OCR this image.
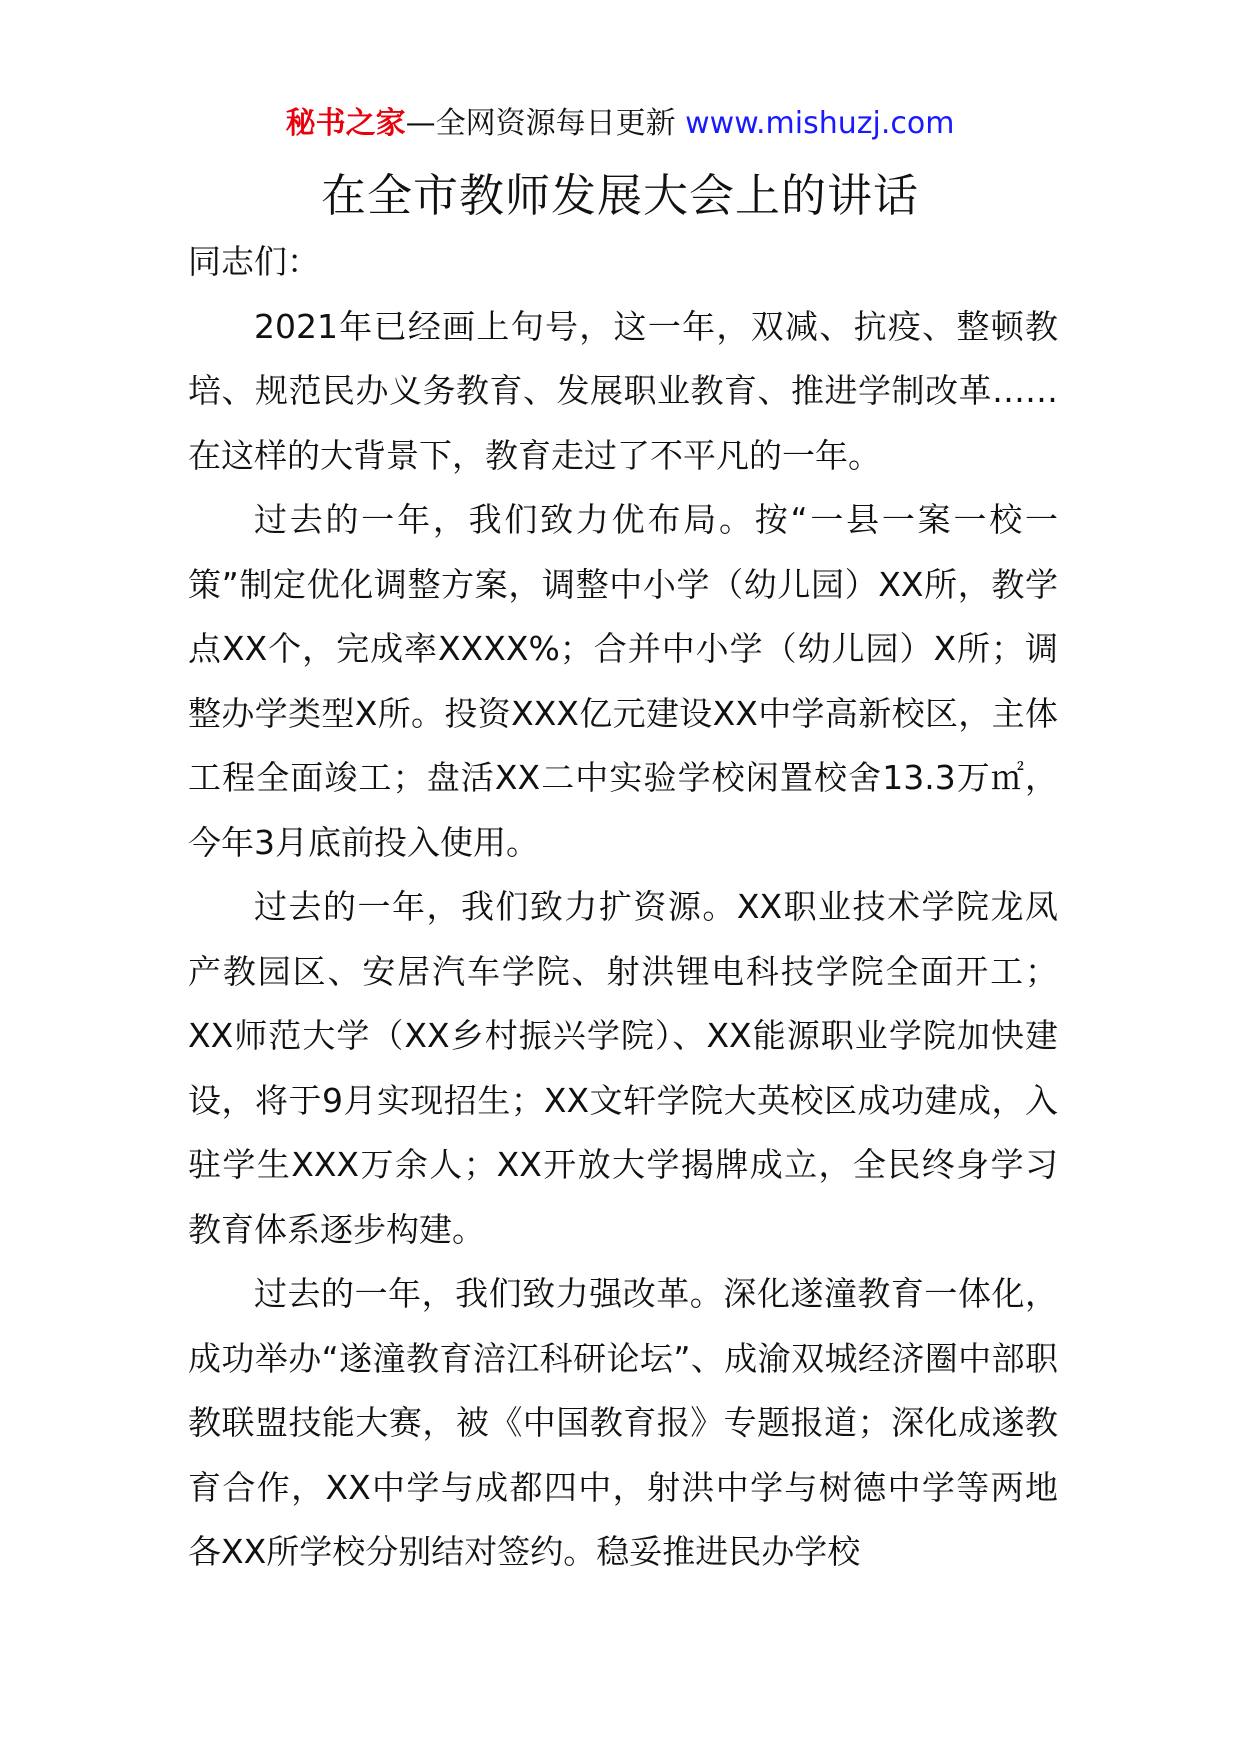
秘书之家—全网资源每日更新 www.mishuzj.com
在全市教师发展大会上的讲话

同志们：

2021年已经画上句号，这一年，双减、抗疫、整顿教培、规范民办义务教育、发展职业教育、推进学制改革……在这样的大背景下，教育走过了不平凡的一年。

过去的一年，我们致力优布局。按“一县一案一校一策”制定优化调整方案，调整中小学（幼儿园）XX所，教学点XX个，完成率XXXX%；合并中小学（幼儿园）X所；调整办学类型X所。投资XXX亿元建设XX中学高新校区，主体工程全面竣工；盘活XX二中实验学校闲置校舍13.3万㎡，今年3月底前投入使用。

过去的一年，我们致力扩资源。XX职业技术学院龙凤产教园区、安居汽车学院、射洪锂电科技学院全面开工；XX师范大学（XX乡村振兴学院）、XX能源职业学院加快建设，将于9月实现招生；XX文轩学院大英校区成功建成，入驻学生XXX万余人；XX开放大学揭牌成立，全民终身学习教育体系逐步构建。

过去的一年，我们致力强改革。深化遂潼教育一体化，成功举办“遂潼教育涪江科研论坛”、成渝双城经济圈中部职教联盟技能大赛，被《中国教育报》专题报道；深化成遂教育合作，XX中学与成都四中，射洪中学与树德中学等两地各XX所学校分别结对签约。稳妥推进民办学校
